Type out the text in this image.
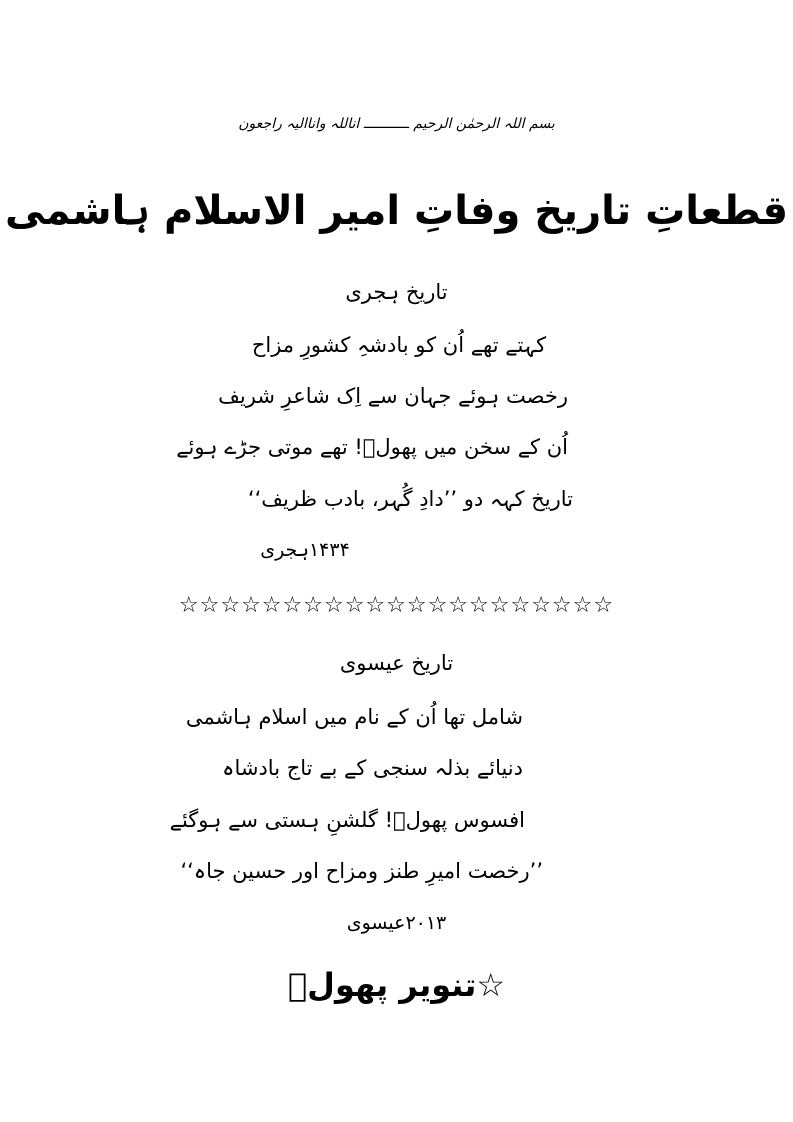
بسم اللہ الرحمٰن الرحیم ـــــــــــ اناللہ واناالیہ راجعون
قطعاتِ تاریخ وفاتِ امیر الاسلام ہاشمی
تاریخ ہجری
کہتے تھے اُن کو بادشہِ کشورِ مزاح
رخصت ہوئے جہان سے اِک شاعرِ شریف
اُن کے سخن میں پھولؔ! تھے موتی جڑے ہوئے
تاریخ کہہ دو ’’دادِ گُہر، بادب ظریف‘‘
۱۴۳۴ہجری
☆☆☆☆☆☆☆☆☆☆☆☆☆☆☆☆☆☆☆☆☆
تاریخ عیسوی
شامل تھا اُن کے نام میں اسلام ہاشمی
دنیائے بذلہ سنجی کے بے تاج بادشاہ
افسوس پھولؔ! گلشنِ ہستی سے ہوگئے
’’رخصت امیرِ طنز ومزاح اور حسین جاہ‘‘
۲۰۱۳عیسوی
☆تنویر پھولؔ
